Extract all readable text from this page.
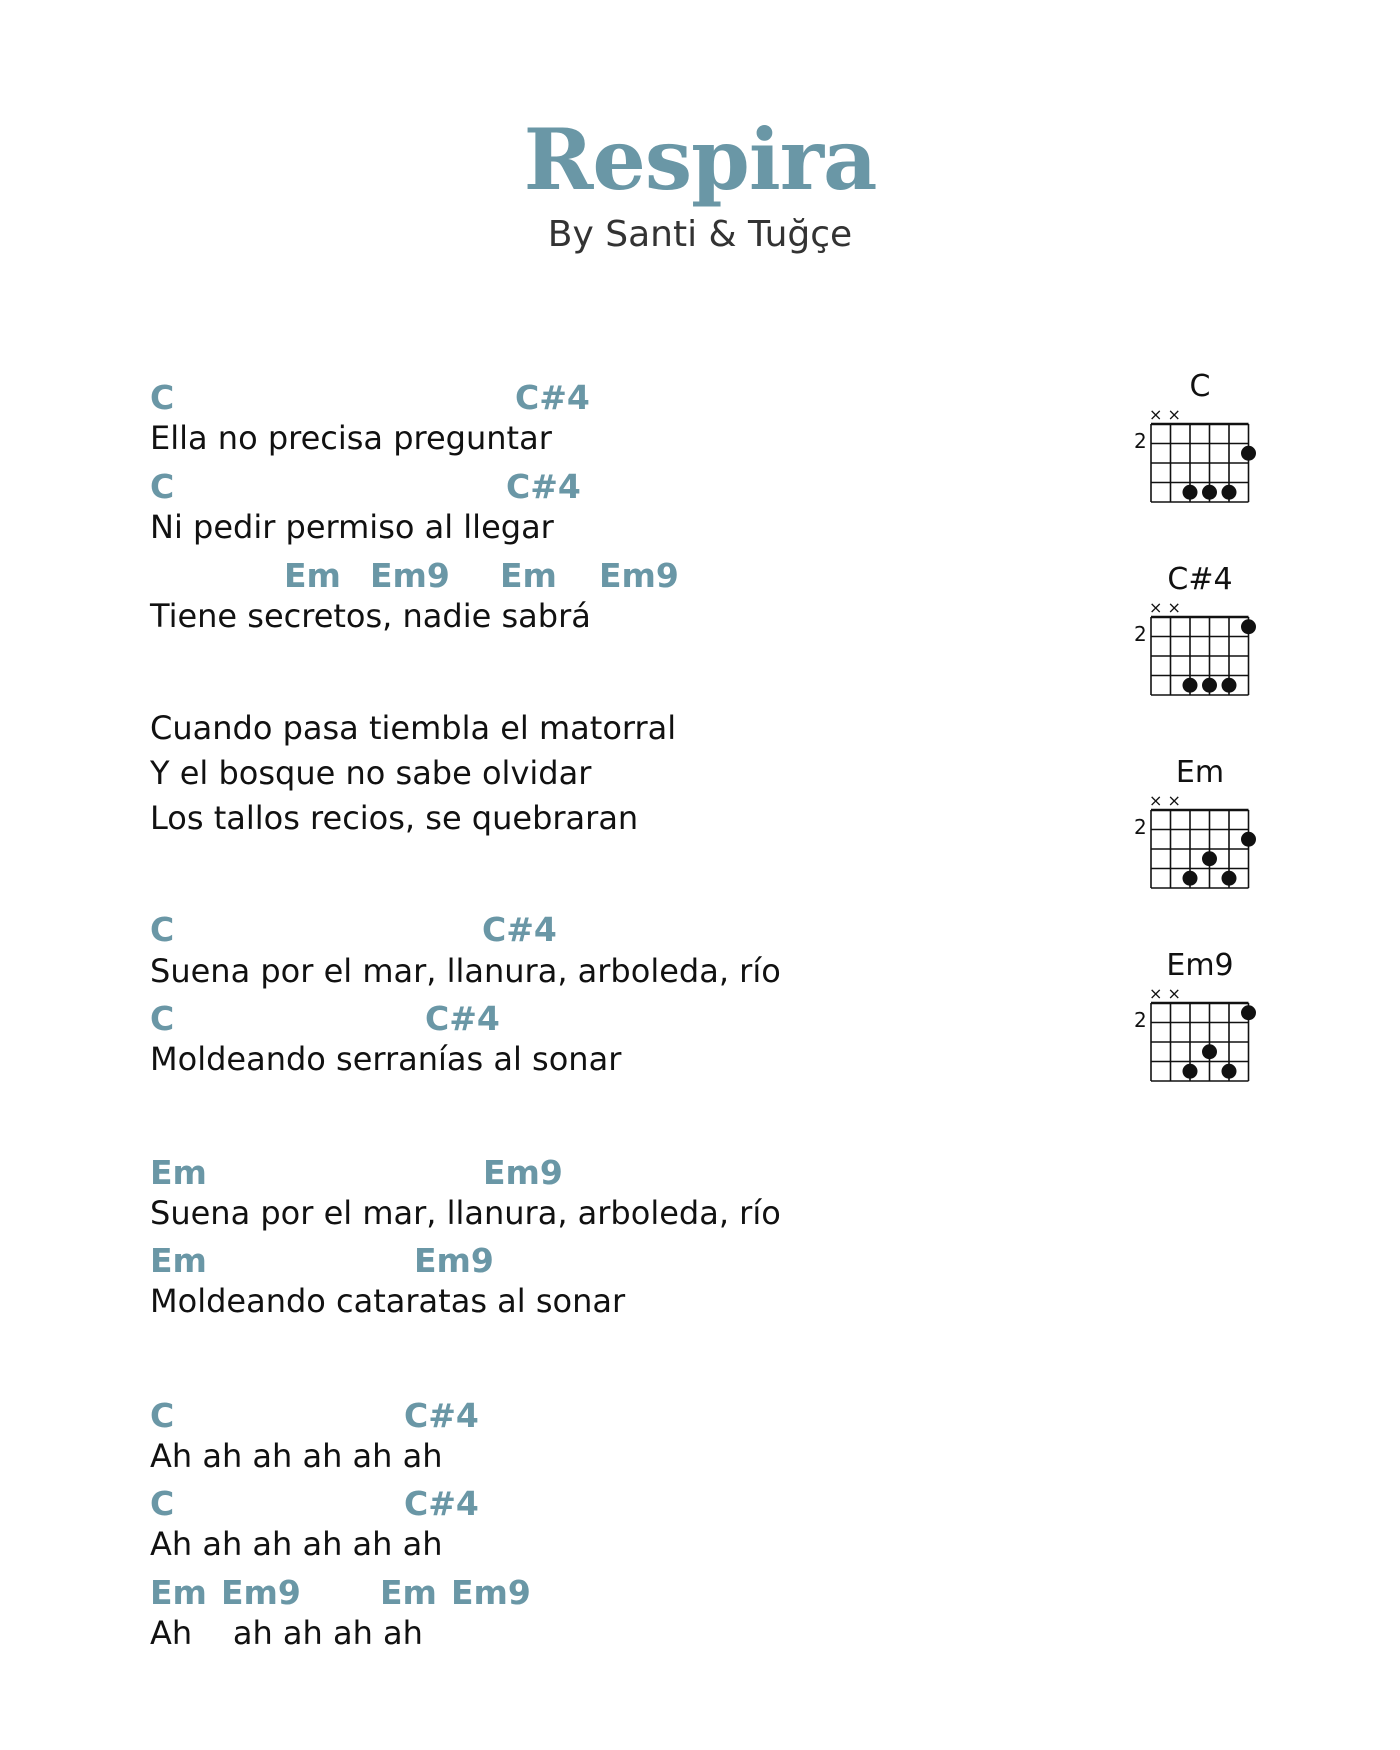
Respira
By Santi & Tuğçe
C	C#4
Ella no precisa preguntar
C	C#4
Ni pedir permiso al llegar
Em Em9 Em Em9
Tiene secretos, nadie sabrá
Cuando pasa tiembla el matorral
Y el bosque no sabe olvidar
Los tallos recios, se quebraran
C	C#4
Suena por el mar, llanura, arboleda, río
C	C#4
Moldeando serranías al sonar
Em	Em9
Suena por el mar, llanura, arboleda, río
Em	Em9
Moldeando cataratas al sonar
C	C#4
Ah ah ah ah ah ah
C	C#4
Ah ah ah ah ah ah
Em Em9 Em Em9
Ah    ah ah ah ah
C
× ×
2
C#4
× ×
2
Em
× ×
2
Em9
× ×
2
